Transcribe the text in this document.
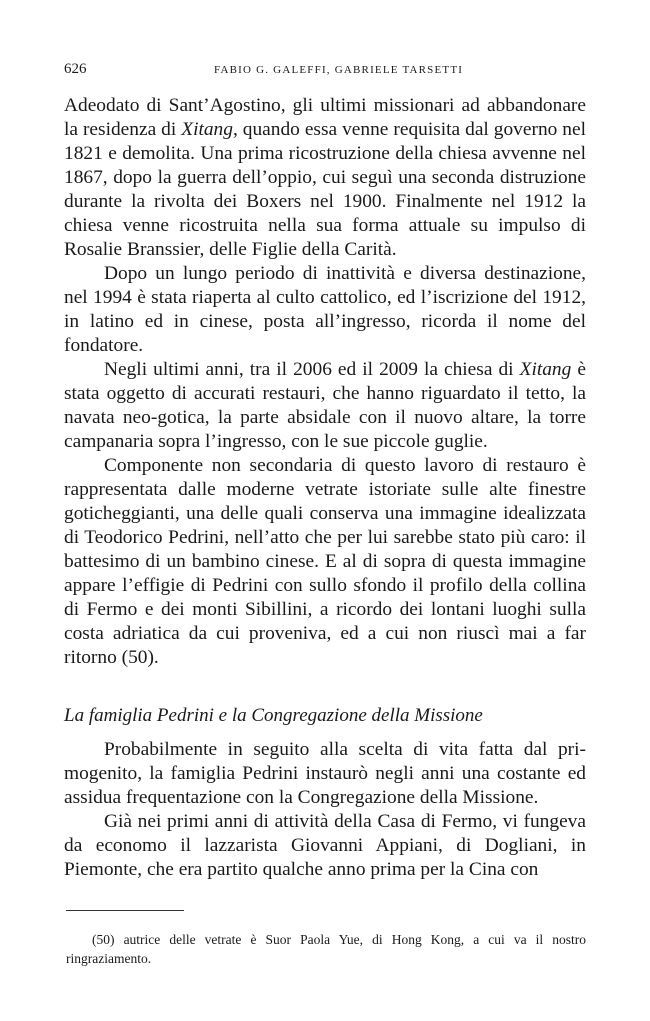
626	FABIO G. GALEFFI, GABRIELE TARSETTI

Adeodato di Sant’Agostino, gli ultimi missionari ad abbandonare la residenza di Xitang, quando essa venne requisita dal governo nel 1821 e demolita. Una prima ricostruzione della chiesa avvenne nel 1867, dopo la guerra dell’oppio, cui seguì una seconda distruzione durante la rivolta dei Boxers nel 1900. Finalmente nel 1912 la chiesa venne ricostruita nella sua forma attuale su impulso di Rosalie Branssier, delle Figlie della Carità.

Dopo un lungo periodo di inattività e diversa destinazione, nel 1994 è stata riaperta al culto cattolico, ed l’iscrizione del 1912, in latino ed in cinese, posta all’ingresso, ricorda il nome del fondatore.

Negli ultimi anni, tra il 2006 ed il 2009 la chiesa di Xitang è stata oggetto di accurati restauri, che hanno riguardato il tetto, la navata neo-gotica, la parte absidale con il nuovo altare, la torre campanaria sopra l’ingresso, con le sue piccole guglie.

Componente non secondaria di questo lavoro di restauro è rappresentata dalle moderne vetrate istoriate sulle alte finestre goticheggianti, una delle quali conserva una immagine idealizzata di Teodorico Pedrini, nell’atto che per lui sarebbe stato più caro: il battesimo di un bambino cinese. E al di sopra di questa immagine appare l’effigie di Pedrini con sullo sfondo il profilo della collina di Fermo e dei monti Sibillini, a ricordo dei lontani luoghi sulla costa adriatica da cui proveniva, ed a cui non riuscì mai a far ritorno (50).

La famiglia Pedrini e la Congregazione della Missione

Probabilmente in seguito alla scelta di vita fatta dal primogenito, la famiglia Pedrini instaurò negli anni una costante ed assidua frequentazione con la Congregazione della Missione.

Già nei primi anni di attività della Casa di Fermo, vi fungeva da economo il lazzarista Giovanni Appiani, di Dogliani, in Piemonte, che era partito qualche anno prima per la Cina con

(50) autrice delle vetrate è Suor Paola Yue, di Hong Kong, a cui va il nostro ringraziamento.
